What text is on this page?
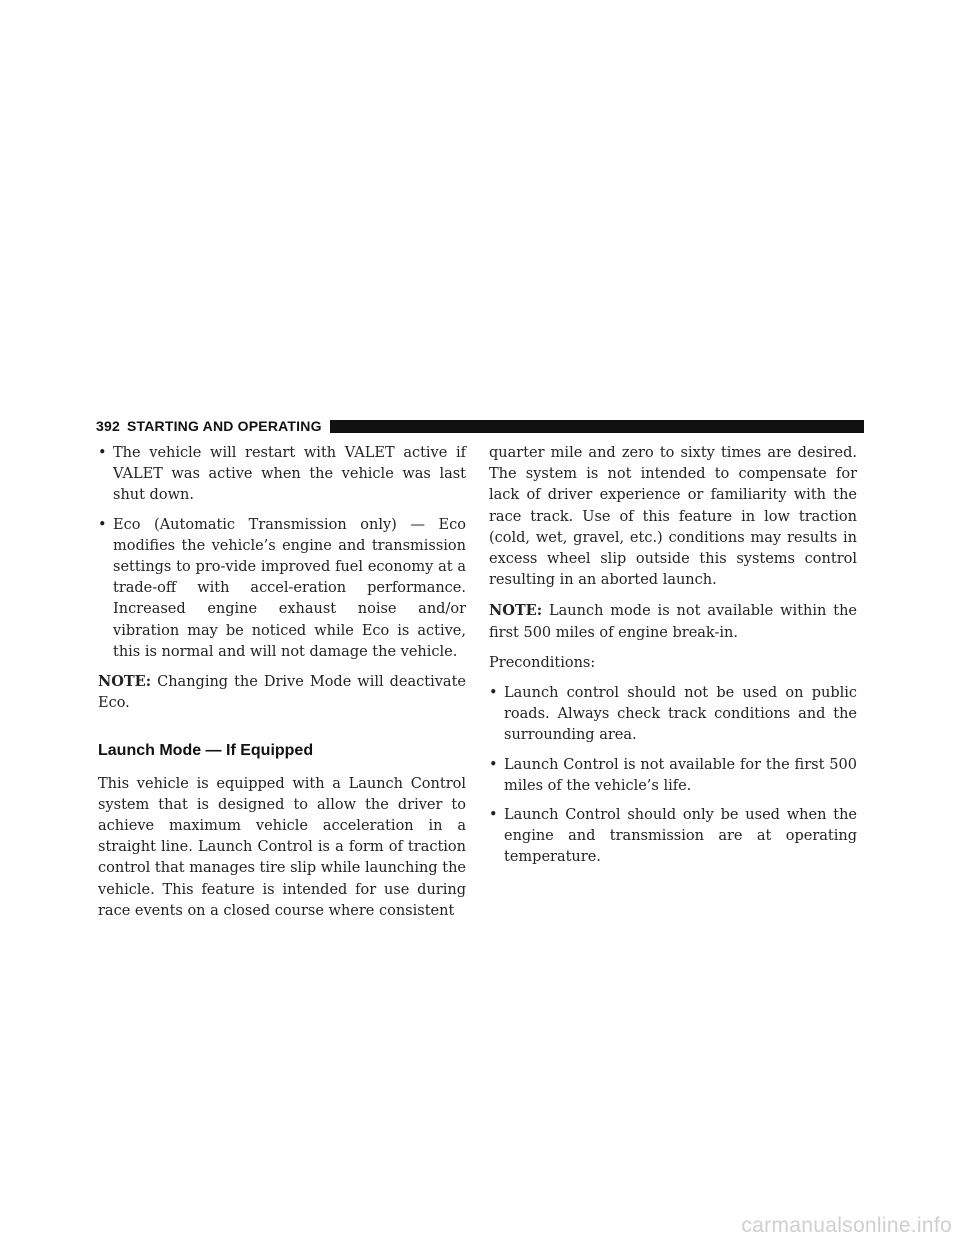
392 STARTING AND OPERATING
• The vehicle will restart with VALET active if VALET was active when the vehicle was last shut down.
• Eco (Automatic Transmission only) — Eco modifies the vehicle’s engine and transmission settings to pro-vide improved fuel economy at a trade-off with accel-eration performance. Increased engine exhaust noise and/or vibration may be noticed while Eco is active, this is normal and will not damage the vehicle.

NOTE: Changing the Drive Mode will deactivate Eco.

Launch Mode — If Equipped

This vehicle is equipped with a Launch Control system that is designed to allow the driver to achieve maximum vehicle acceleration in a straight line. Launch Control is a form of traction control that manages tire slip while launching the vehicle. This feature is intended for use during race events on a closed course where consistent

quarter mile and zero to sixty times are desired. The system is not intended to compensate for lack of driver experience or familiarity with the race track. Use of this feature in low traction (cold, wet, gravel, etc.) conditions may results in excess wheel slip outside this systems control resulting in an aborted launch.

NOTE: Launch mode is not available within the first 500 miles of engine break-in.

Preconditions:

• Launch control should not be used on public roads. Always check track conditions and the surrounding area.
• Launch Control is not available for the first 500 miles of the vehicle’s life.
• Launch Control should only be used when the engine and transmission are at operating temperature.
carmanualsonline.info
